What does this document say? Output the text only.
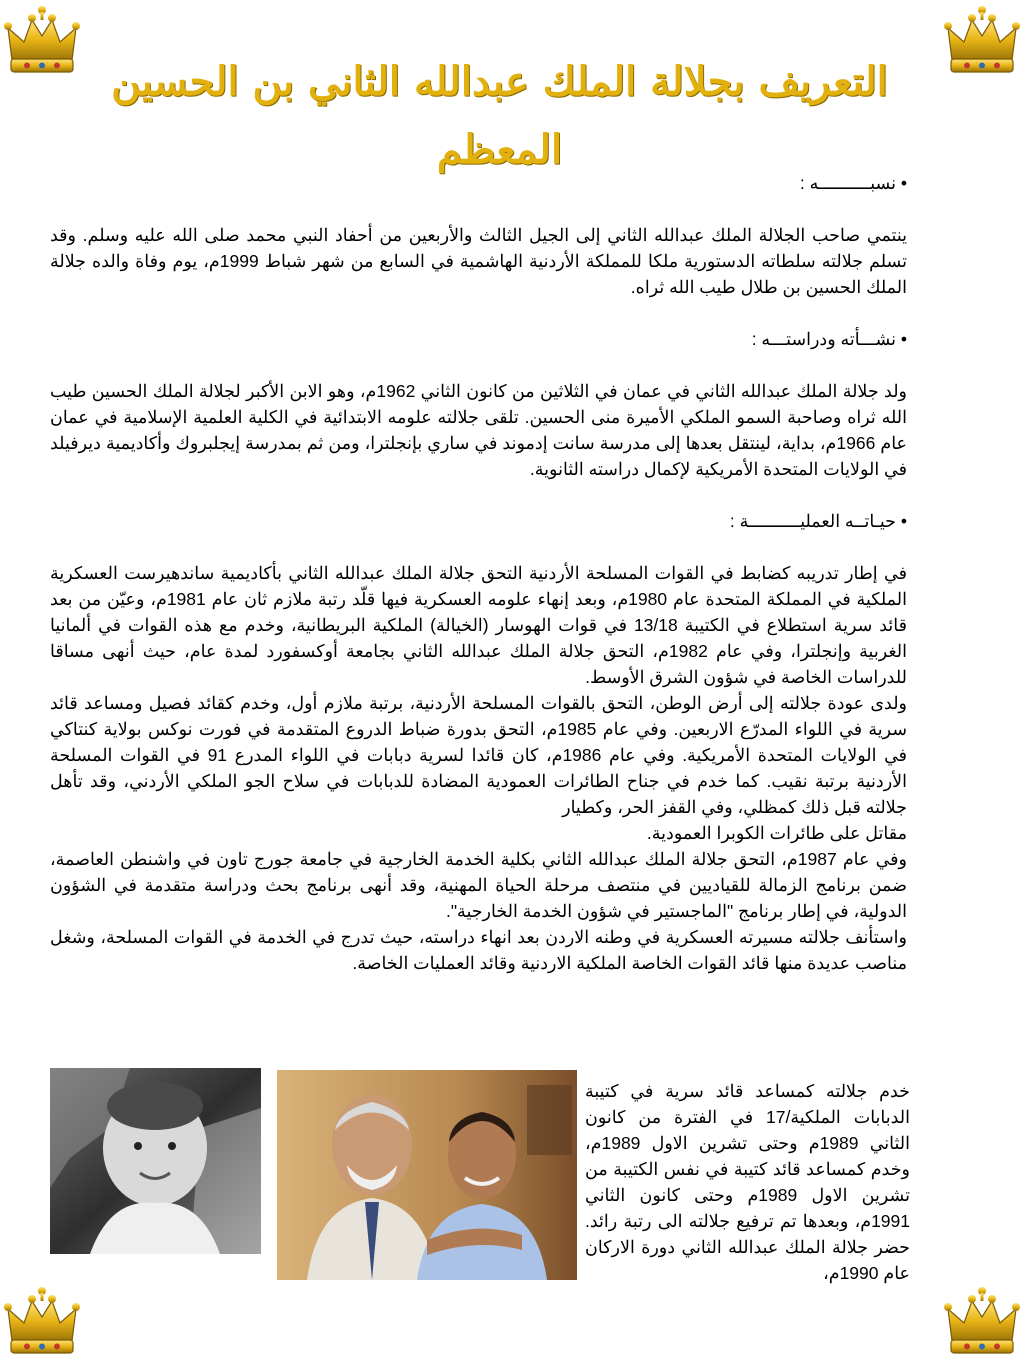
التعريف بجلالة الملك عبدالله الثاني بن الحسين المعظم

• نسبــــــــــه :

ينتمي صاحب الجلالة الملك عبدالله الثاني إلى الجيل الثالث والأربعين من أحفاد النبي محمد صلى الله عليه وسلم. وقد تسلم جلالته سلطاته الدستورية ملكا للمملكة الأردنية الهاشمية في السابع من شهر شباط 1999م، يوم وفاة والده جلالة الملك الحسين بن طلال طيب الله ثراه.

• نشـــأته ودراستـــه :

ولد جلالة الملك عبدالله الثاني في عمان في الثلاثين من كانون الثاني 1962م، وهو الابن الأكبر لجلالة الملك الحسين طيب الله ثراه وصاحبة السمو الملكي الأميرة منى الحسين. تلقى جلالته علومه الابتدائية في الكلية العلمية الإسلامية في عمان عام 1966م، بداية، لينتقل بعدها إلى مدرسة سانت إدموند في ساري بإنجلترا، ومن ثم بمدرسة إيجلبروك وأكاديمية ديرفيلد في الولايات المتحدة الأمريكية لإكمال دراسته الثانوية.

• حيـاتــه العمليــــــــــة :

في إطار تدريبه كضابط في القوات المسلحة الأردنية التحق جلالة الملك عبدالله الثاني بأكاديمية ساندهيرست العسكرية الملكية في المملكة المتحدة عام 1980م، وبعد إنهاء علومه العسكرية فيها قلّد رتبة ملازم ثان عام 1981م، وعيّن من بعد قائد سرية استطلاع في الكتيبة 13/18 في قوات الهوسار (الخيالة) الملكية البريطانية، وخدم مع هذه القوات في ألمانيا الغربية وإنجلترا، وفي عام 1982م، التحق جلالة الملك عبدالله الثاني بجامعة أوكسفورد لمدة عام، حيث أنهى مساقا للدراسات الخاصة في شؤون الشرق الأوسط.

ولدى عودة جلالته إلى أرض الوطن، التحق بالقوات المسلحة الأردنية، برتبة ملازم أول، وخدم كقائد فصيل ومساعد قائد سرية في اللواء المدرّع الاربعين. وفي عام 1985م، التحق بدورة ضباط الدروع المتقدمة في فورت نوكس بولاية كنتاكي في الولايات المتحدة الأمريكية. وفي عام 1986م، كان قائدا لسرية دبابات في اللواء المدرع 91 في القوات المسلحة الأردنية برتبة نقيب. كما خدم في جناح الطائرات العمودية المضادة للدبابات في سلاح الجو الملكي الأردني، وقد تأهل جلالته قبل ذلك كمظلي، وفي القفز الحر، وكطيار

مقاتل على طائرات الكوبرا العمودية.

وفي عام 1987م، التحق جلالة الملك عبدالله الثاني بكلية الخدمة الخارجية في جامعة جورج تاون في واشنطن العاصمة، ضمن برنامج الزمالة للقياديين في منتصف مرحلة الحياة المهنية، وقد أنهى برنامج بحث ودراسة متقدمة في الشؤون الدولية، في إطار برنامج "الماجستير في شؤون الخدمة الخارجية".

واستأنف جلالته مسيرته العسكرية في وطنه الاردن بعد انهاء دراسته، حيث تدرج في الخدمة في القوات المسلحة، وشغل مناصب عديدة منها قائد القوات الخاصة الملكية الاردنية وقائد العمليات الخاصة.

خدم جلالته كمساعد قائد سرية في كتيبة الدبابات الملكية/17 في الفترة من كانون الثاني 1989م وحتى تشرين الاول 1989م، وخدم كمساعد قائد كتيبة في نفس الكتيبة من تشرين الاول 1989م وحتى كانون الثاني 1991م، وبعدها تم ترفيع جلالته الى رتبة رائد. حضر جلالة الملك عبدالله الثاني دورة الاركان عام 1990م،
